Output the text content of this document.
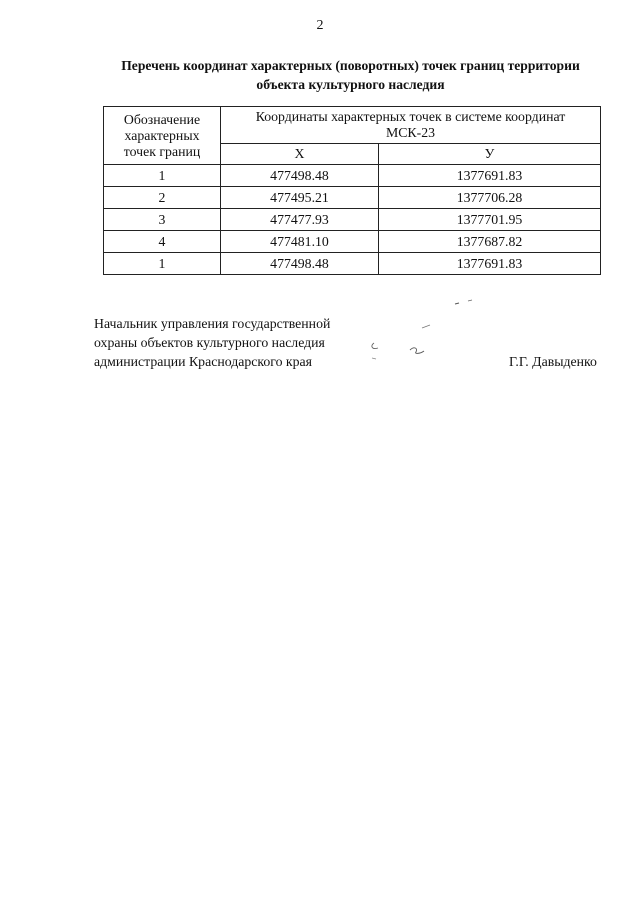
2
Перечень координат характерных (поворотных) точек границ территории
объекта культурного наследия
Обозначение
характерных
точек границ	Координаты характерных точек в системе координат
МСК-23	

	X	У
1	477498.48	1377691.83
2	477495.21	1377706.28
3	477477.93	1377701.95
4	477481.10	1377687.82
1	477498.48	1377691.83
Начальник управления государственной
охраны объектов культурного наследия
администрации Краснодарского края	Г.Г. Давыденко
